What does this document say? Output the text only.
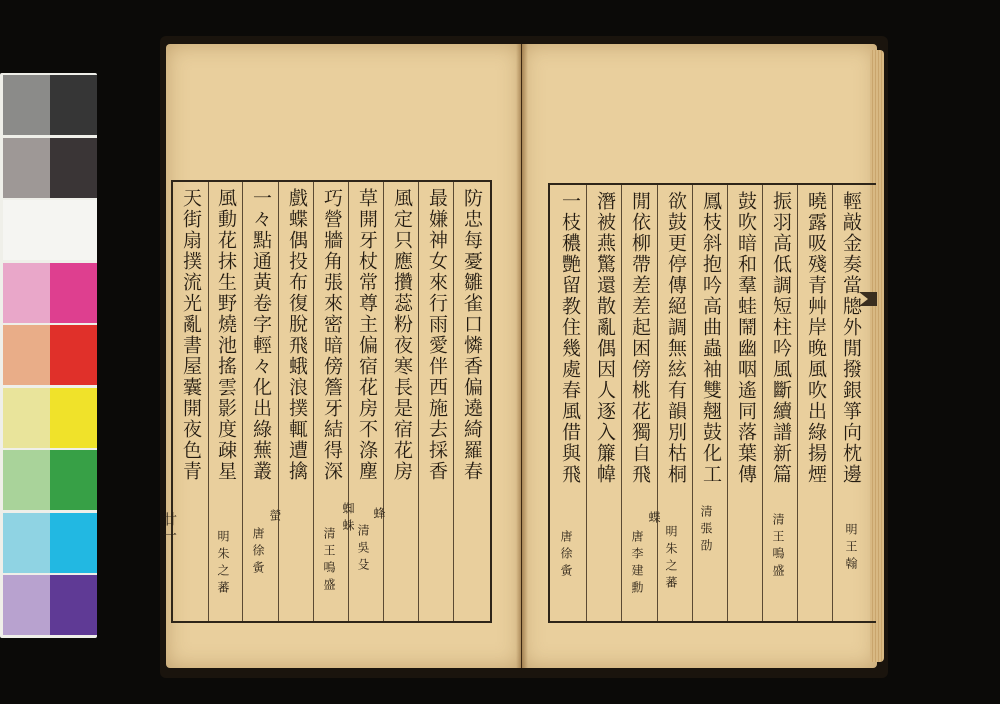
防忠每憂雛雀口憐香偏遶綺羅春
最嫌神女來行雨愛伴西施去採香
風定只應攢蕊粉夜寒長是宿花房
草開牙杖常尊主偏宿花房不涤塵
巧營牆角張來密暗傍簷牙結得深
戲蝶偶投布復脫飛蛾浪撲輒遭擒
一々點通黃卷字輕々化出綠蕪叢
風動花抹生野燒池搖雲影度疎星
天街扇撲流光亂書屋囊開夜色青
蜂
清吳殳
蜘蛛
清王鳴盛
螢
唐徐夤
明朱之蕃
廿一
輕敲金奏當牕外閒撥銀箏向枕邊
曉露吸殘青艸岸晚風吹出綠揚煙
振羽高低調短柱吟風斷續譜新篇
鼓吹暗和羣蛙鬧幽咽遙同落葉傳
鳳枝斜抱吟高曲蟲袖雙翹鼓化工
欲鼓更停傳絕調無絃有韻別枯桐
閒依柳帶差差起困傍桃花獨自飛
潛被燕驚還散亂偶因人逐入簾幃
一枝穠艷留教住幾處春風借與飛
明王翰
清王鳴盛
清張劭
明朱之蕃
蝶
唐李建勳
唐徐夤
